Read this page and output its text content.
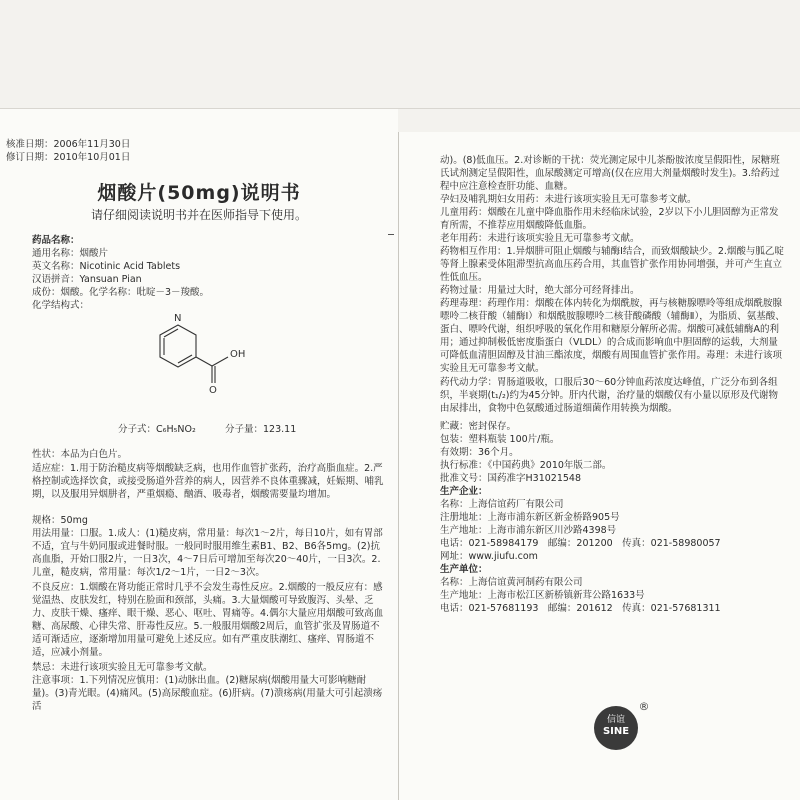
核准日期：2006年11月30日
修订日期：2010年10月01日
烟酸片(50mg)说明书
请仔细阅读说明书并在医师指导下使用。
药品名称：
通用名称：烟酸片
英文名称：Nicotinic Acid Tablets
汉语拼音：Yansuan Pian
成份：烟酸。化学名称：吡啶－3－羧酸。
化学结构式：
N
O
OH
分子式：C₆H₅NO₂	分子量：123.11
性状：本品为白色片。
适应症：1.用于防治糙皮病等烟酸缺乏病，也用作血管扩张药，治疗高脂血症。2.严格控制或选择饮食，或接受肠道外营养的病人，因营养不良体重骤减，妊娠期、哺乳期，以及服用异烟肼者，严重烟瘾、酗酒、吸毒者，烟酸需要量均增加。
规格：50mg
用法用量：口服。1.成人：(1)糙皮病，常用量：每次1～2片，每日10片，如有胃部不适，宜与牛奶同服或进餐时服。一般同时服用维生素B1、B2、B6各5mg。(2)抗高血脂，开始口服2片，一日3次，4～7日后可增加至每次20～40片，一日3次。2.儿童，糙皮病，常用量：每次1/2～1片，一日2～3次。
不良反应：1.烟酸在肾功能正常时几乎不会发生毒性反应。2.烟酸的一般反应有：感觉温热、皮肤发红，特别在脸面和颈部，头痛。3.大量烟酸可导致腹泻、头晕、乏力、皮肤干燥、瘙痒、眼干燥、恶心、呕吐、胃痛等。4.偶尔大量应用烟酸可致高血糖、高尿酸、心律失常、肝毒性反应。5.一般服用烟酸2周后，血管扩张及胃肠道不适可渐适应，逐渐增加用量可避免上述反应。如有严重皮肤潮红、瘙痒、胃肠道不适，应减小剂量。
禁忌：未进行该项实验且无可靠参考文献。
注意事项：1.下列情况应慎用：(1)动脉出血。(2)糖尿病(烟酸用量大可影响糖耐量)。(3)青光眼。(4)痛风。(5)高尿酸血症。(6)肝病。(7)溃疡病(用量大可引起溃疡活
动)。(8)低血压。2.对诊断的干扰：荧光测定尿中儿茶酚胺浓度呈假阳性，尿糖班氏试剂测定呈假阳性，血尿酸测定可增高(仅在应用大剂量烟酸时发生)。3.给药过程中应注意检查肝功能、血糖。
孕妇及哺乳期妇女用药：未进行该项实验且无可靠参考文献。
儿童用药：烟酸在儿童中降血脂作用未经临床试验，2岁以下小儿胆固醇为正常发育所需，不推荐应用烟酸降低血脂。
老年用药：未进行该项实验且无可靠参考文献。
药物相互作用：1.异烟肼可阻止烟酸与辅酶Ⅰ结合，而致烟酸缺少。2.烟酸与胍乙啶等肾上腺素受体阻滞型抗高血压药合用，其血管扩张作用协同增强，并可产生直立性低血压。
药物过量：用量过大时，绝大部分可经肾排出。
药理毒理：药理作用：烟酸在体内转化为烟酰胺，再与核糖腺嘌呤等组成烟酰胺腺嘌呤二核苷酸（辅酶Ⅰ）和烟酰胺腺嘌呤二核苷酸磷酸（辅酶Ⅱ），为脂质、氨基酸、蛋白、嘌呤代谢，组织呼吸的氧化作用和糖原分解所必需。烟酸可减低辅酶A的利用；通过抑制极低密度脂蛋白（VLDL）的合成而影响血中胆固醇的运载，大剂量可降低血清胆固醇及甘油三酯浓度，烟酸有周围血管扩张作用。毒理：未进行该项实验且无可靠参考文献。
药代动力学：胃肠道吸收，口服后30～60分钟血药浓度达峰值，广泛分布到各组织，半衰期(t₁/₂)约为45分钟。肝内代谢，治疗量的烟酸仅有小量以原形及代谢物由尿排出，食物中色氨酸通过肠道细菌作用转换为烟酸。
贮藏：密封保存。
包装：塑料瓶装 100片/瓶。
有效期：36个月。
执行标准：《中国药典》2010年版二部。
批准文号：国药准字H31021548
生产企业：
名称：上海信谊药厂有限公司
注册地址：上海市浦东新区新金桥路905号
生产地址：上海市浦东新区川沙路4398号
电话：021-58984179　邮编：201200　传真：021-58980057
网址：www.jiufu.com
生产单位：
名称：上海信谊黄河制药有限公司
生产地址：上海市松江区新桥镇新茸公路1633号
电话：021-57681193　邮编：201612　传真：021-57681311
信谊
SINE
®
